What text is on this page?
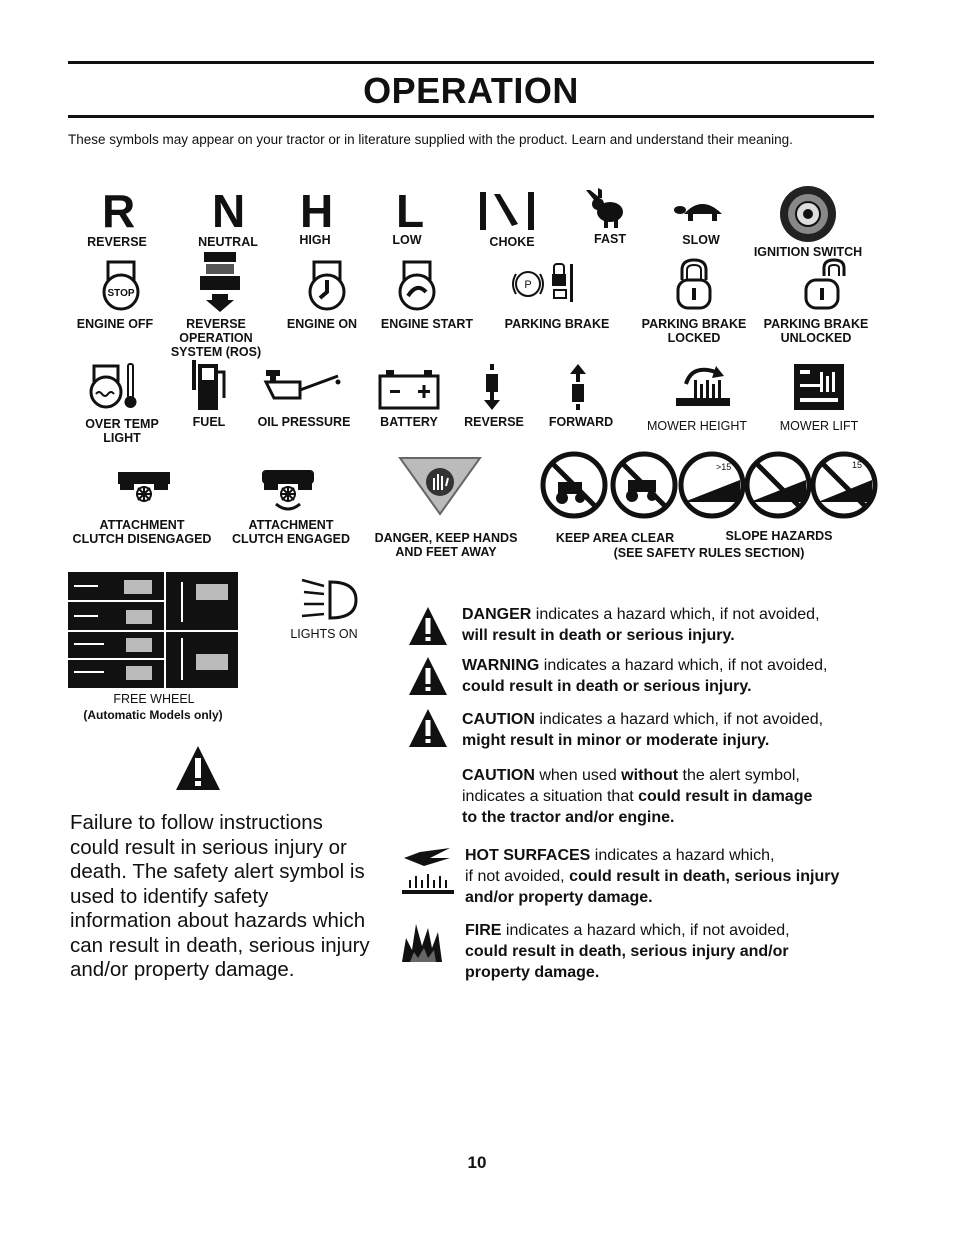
OPERATION
These symbols may appear on your tractor or in literature supplied with the product. Learn and understand their meaning.
R N H L
REVERSE	NEUTRAL	HIGH	LOW	CHOKE	FAST	SLOW
IGNITION SWITCH
STOP
P
ENGINE OFF	REVERSE
OPERATION
SYSTEM (ROS)
ENGINE ON	ENGINE START	PARKING BRAKE	PARKING BRAKE
LOCKED
PARKING BRAKE
UNLOCKED
OVER TEMP
LIGHT
FUEL	OIL PRESSURE	BATTERY	REVERSE	FORWARD	MOWER HEIGHT	MOWER LIFT
>15	15
ATTACHMENT
CLUTCH DISENGAGED
ATTACHMENT
CLUTCH ENGAGED	DANGER, KEEP HANDS
AND FEET AWAY
KEEP AREA CLEAR	SLOPE HAZARDS
(SEE SAFETY RULES SECTION)
LIGHTS ON
FREE WHEEL
(Automatic Models only)
Failure to follow instructions could result in serious injury or death. The safety alert symbol is used to identify safety information about hazards which can result in death, serious injury and/or property damage.
DANGER indicates a hazard which, if not avoided,
will result in death or serious injury.
WARNING indicates a hazard which, if not avoided,
could result in death or serious injury.
CAUTION indicates a hazard which, if not avoided,
might result in minor or moderate injury.
CAUTION when used without the alert symbol,
indicates a situation that could result in damage
to the tractor and/or engine.
HOT SURFACES indicates a hazard which,
if not avoided, could result in death, serious injury
and/or property damage.
FIRE indicates a hazard which, if not avoided,
could result in death, serious injury and/or
property damage.
10
